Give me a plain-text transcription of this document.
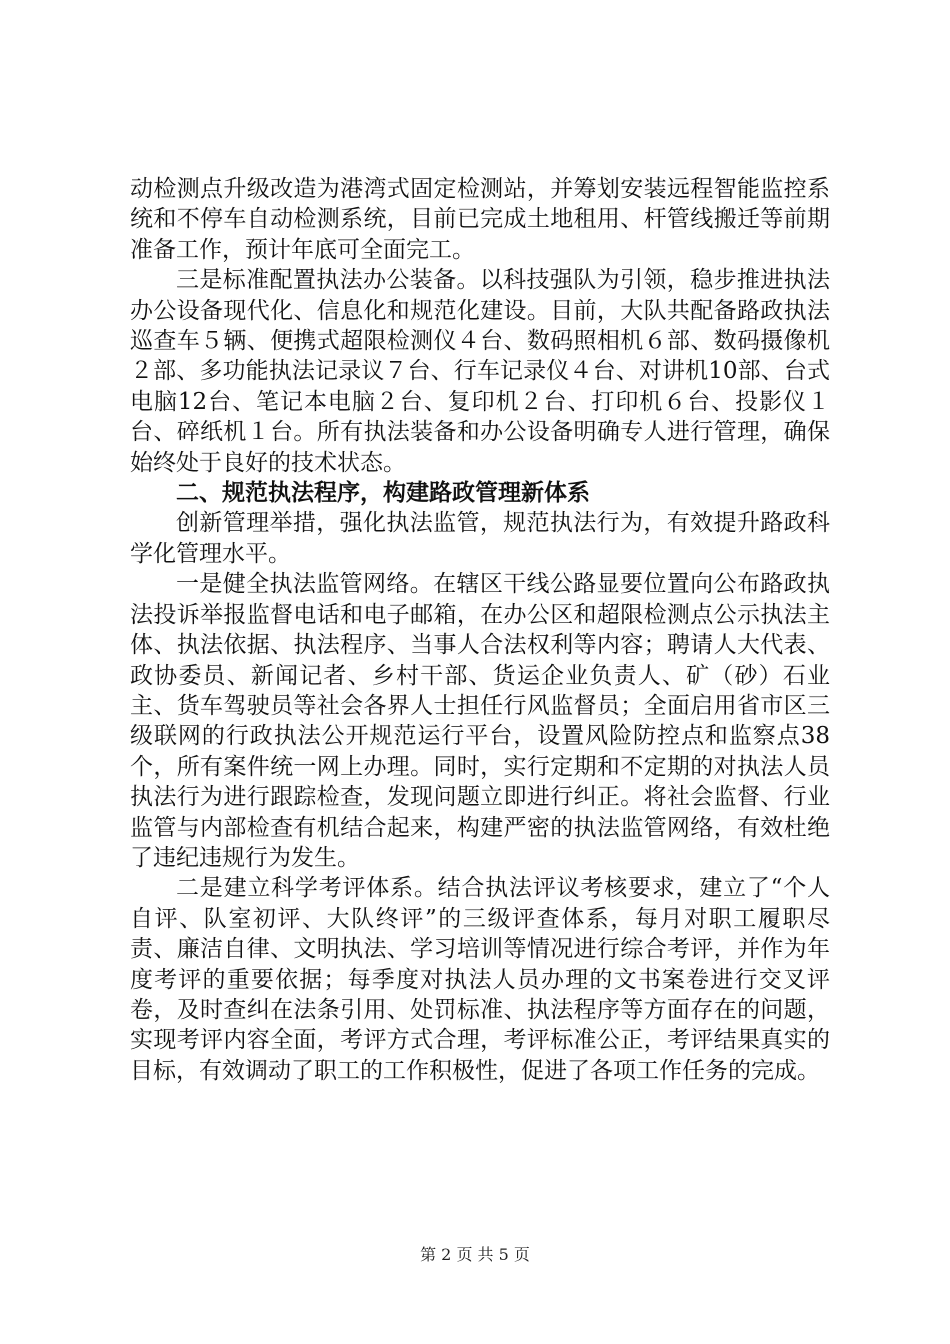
动检测点升级改造为港湾式固定检测站，并筹划安装远程智能监控系统和不停车自动检测系统，目前已完成土地租用、杆管线搬迁等前期准备工作，预计年底可全面完工。

三是标准配置执法办公装备。以科技强队为引领，稳步推进执法办公设备现代化、信息化和规范化建设。目前，大队共配备路政执法巡查车５辆、便携式超限检测仪４台、数码照相机６部、数码摄像机２部、多功能执法记录议７台、行车记录仪４台、对讲机10部、台式电脑12台、笔记本电脑２台、复印机２台、打印机６台、投影仪１台、碎纸机１台。所有执法装备和办公设备明确专人进行管理，确保始终处于良好的技术状态。

二、规范执法程序，构建路政管理新体系

创新管理举措，强化执法监管，规范执法行为，有效提升路政科学化管理水平。

一是健全执法监管网络。在辖区干线公路显要位置向公布路政执法投诉举报监督电话和电子邮箱，在办公区和超限检测点公示执法主体、执法依据、执法程序、当事人合法权利等内容；聘请人大代表、政协委员、新闻记者、乡村干部、货运企业负责人、矿（砂）石业主、货车驾驶员等社会各界人士担任行风监督员；全面启用省市区三级联网的行政执法公开规范运行平台，设置风险防控点和监察点38个，所有案件统一网上办理。同时，实行定期和不定期的对执法人员执法行为进行跟踪检查，发现问题立即进行纠正。将社会监督、行业监管与内部检查有机结合起来，构建严密的执法监管网络，有效杜绝了违纪违规行为发生。

二是建立科学考评体系。结合执法评议考核要求，建立了“个人自评、队室初评、大队终评”的三级评查体系，每月对职工履职尽责、廉洁自律、文明执法、学习培训等情况进行综合考评，并作为年度考评的重要依据；每季度对执法人员办理的文书案卷进行交叉评卷，及时查纠在法条引用、处罚标准、执法程序等方面存在的问题，实现考评内容全面，考评方式合理，考评标准公正，考评结果真实的目标，有效调动了职工的工作积极性，促进了各项工作任务的完成。

第 2 页 共 5 页
